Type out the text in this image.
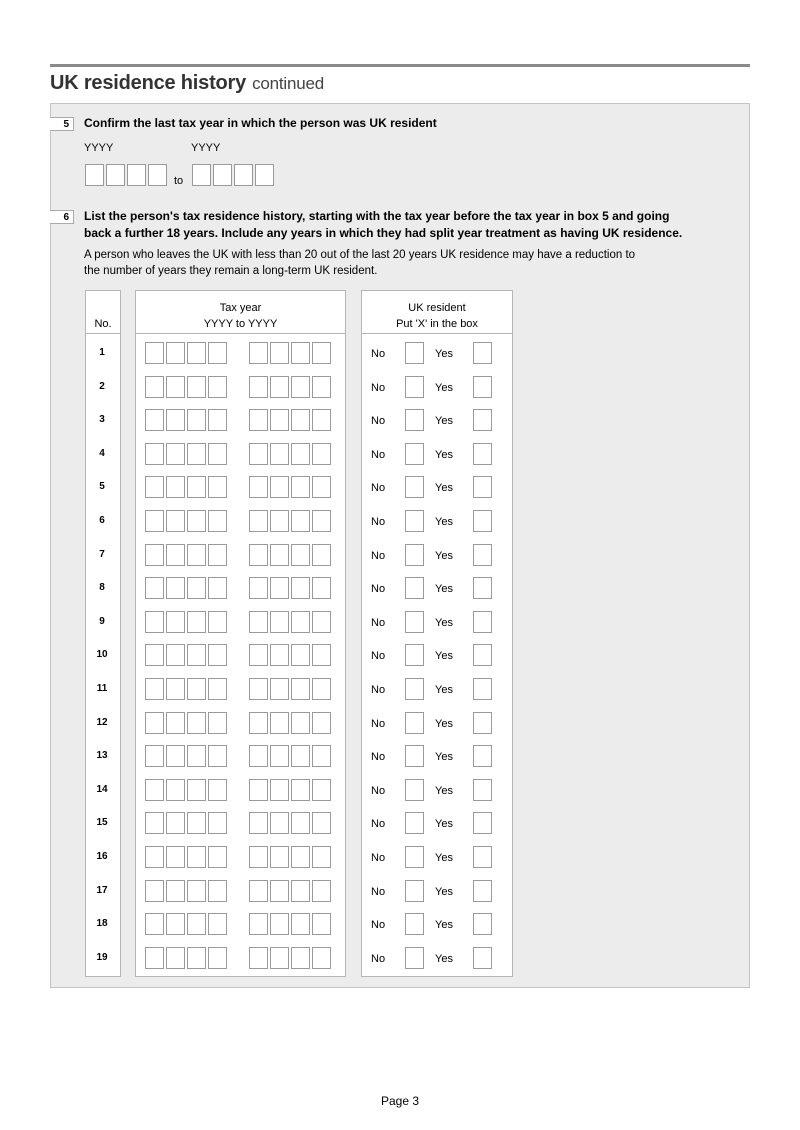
UK residence history continued
5	Confirm the last tax year in which the person was UK resident
YYYY	YYYY
to
6	List the person's tax residence history, starting with the tax year before the tax year in box 5 and going back a further 18 years. Include any years in which they had split year treatment as having UK residence.
A person who leaves the UK with less than 20 out of the last 20 years UK residence may have a reduction to the number of years they remain a long-term UK resident.
No.
Tax year
YYYY to YYYY
UK resident
Put 'X' in the box
1	No	Yes
2	No	Yes
3	No	Yes
4	No	Yes
5	No	Yes
6	No	Yes
7	No	Yes
8	No	Yes
9	No	Yes
10	No	Yes
11	No	Yes
12	No	Yes
13	No	Yes
14	No	Yes
15	No	Yes
16	No	Yes
17	No	Yes
18	No	Yes
19	No	Yes
Page 3
